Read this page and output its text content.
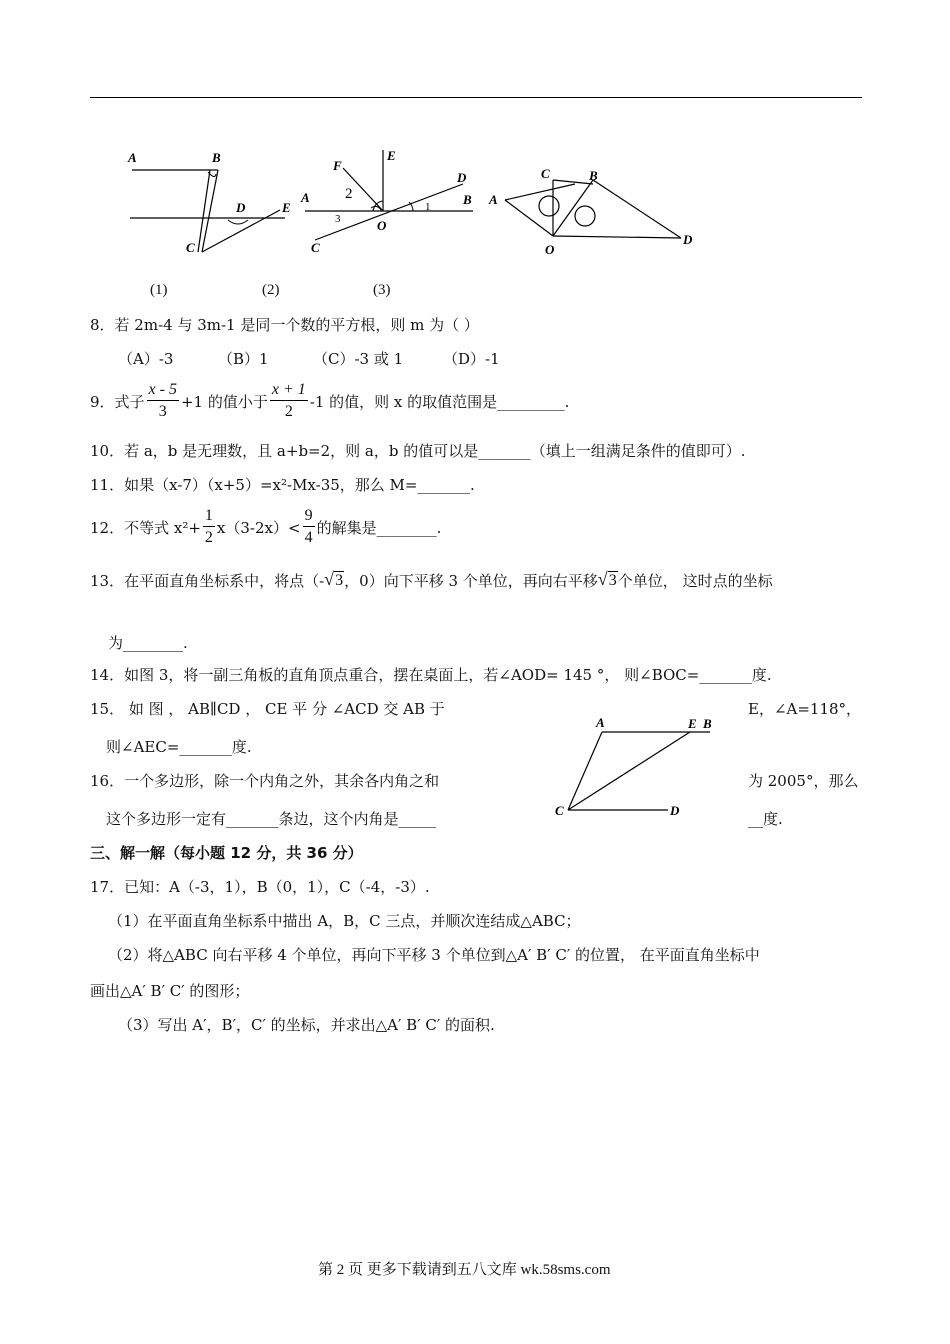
A	B
D	E
C
E
F
D
A	B
O
C
2
3
1
C	B
A
O
D
(1)	(2)	(3)
8．若 2m-4 与 3m-1 是同一个数的平方根，则 m 为（ ）
（A）-3	（B）1	（C）-3 或 1	（D）-1
9．式子 $\frac{x - 5}{3} +1$ 的值小于 $\frac{x + 1}{2} -1$ 的值，则 x 的取值范围是 _________ .
10．若 a，b 是无理数，且 a+b=2，则 a，b 的值可以是_______（填上一组满足条件的值即可）.
11．如果（x-7）（x+5）=x²-Mx-35，那么 M=_______.
12．不等式 $x^2+ \frac{1}{2} x(3-2x)< \frac{9}{4}$ 的解集是________.
13．在平面直角坐标系中，将点（- √ 3 ，0）向下平移 3 个单位，再向右平移 √ 3 个单位， 这时点的坐标
为________.
14．如图 3，将一副三角板的直角顶点重合，摆在桌面上，若∠AOD= 145 °， 则∠BOC=_______度.
15． 如 图 ， AB∥CD ， CE 平 分 ∠ACD 交 AB 于	E，∠A=118°，
则∠AEC=_______度.
A	E B
C	D
16．一个多边形，除一个内角之外，其余各内角之和	为 2005°，那么
这个多边形一定有_______条边，这个内角是_____	__度.
三、解一解（每小题 12 分，共 36 分）
17．已知：A（-3，1），B（0，1），C（-4，-3）.
（1）在平面直角坐标系中描出 A，B，C 三点，并顺次连结成△ABC；
（2）将△ABC 向右平移 4 个单位，再向下平移 3 个单位到△A′ B′ C′ 的位置， 在平面直角坐标中
画出△A′ B′ C′ 的图形；
（3）写出 A′，B′，C′ 的坐标，并求出△A′ B′ C′ 的面积.
第 2 页 更多下载请到五八文库 wk.58sms.com
